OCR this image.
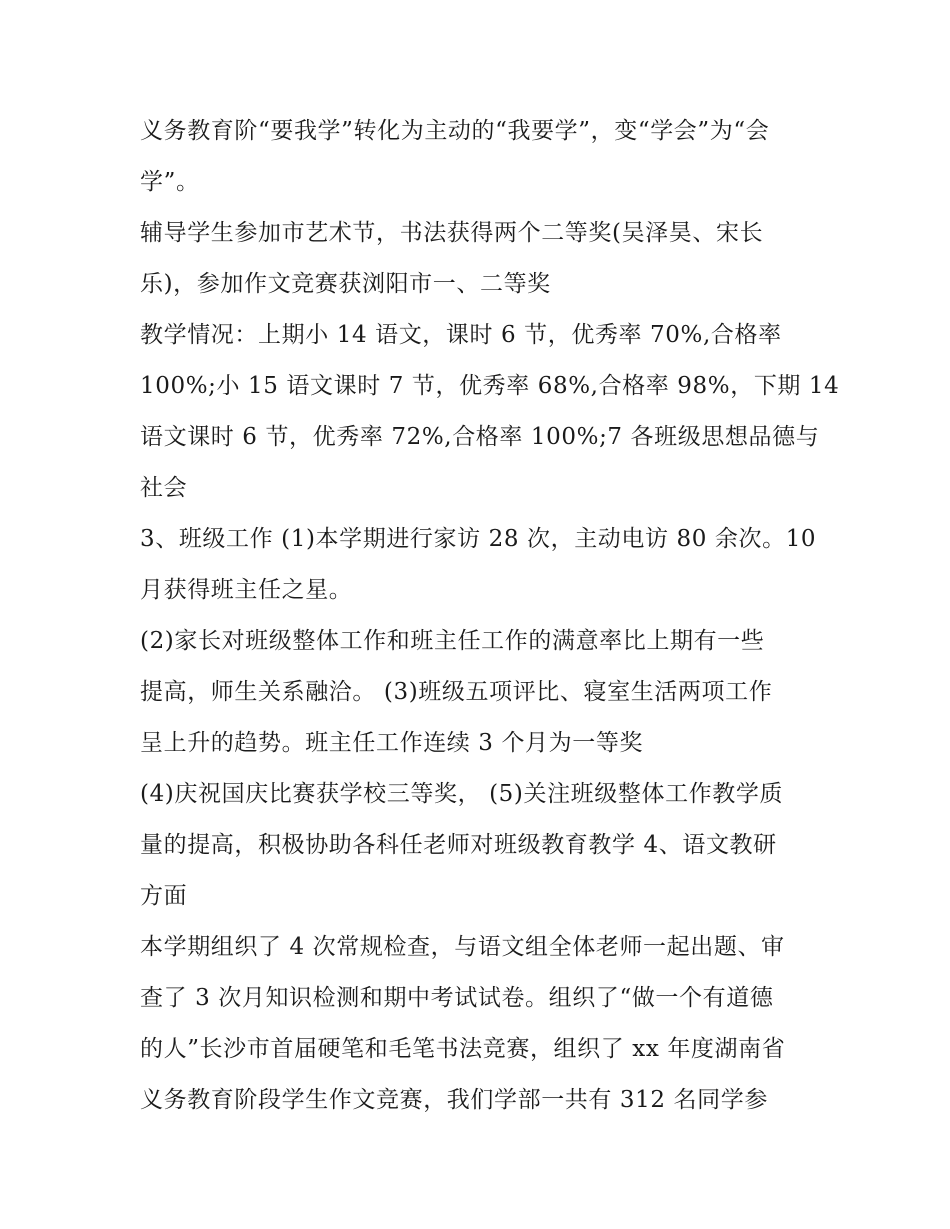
义务教育阶“要我学”转化为主动的“我要学”，变“学会”为“会
学”。
辅导学生参加市艺术节，书法获得两个二等奖(吴泽昊、宋长
乐)，参加作文竞赛获浏阳市一、二等奖
教学情况：上期小 14 语文，课时 6 节，优秀率 70%,合格率
100%;小 15 语文课时 7 节，优秀率 68%,合格率 98%，下期 14
语文课时 6 节，优秀率 72%,合格率 100%;7 各班级思想品德与
社会
3、班级工作 (1)本学期进行家访 28 次，主动电访 80 余次。10
月获得班主任之星。
(2)家长对班级整体工作和班主任工作的满意率比上期有一些
提高，师生关系融洽。 (3)班级五项评比、寝室生活两项工作
呈上升的趋势。班主任工作连续 3 个月为一等奖
(4)庆祝国庆比赛获学校三等奖， (5)关注班级整体工作教学质
量的提高，积极协助各科任老师对班级教育教学 4、语文教研
方面
本学期组织了 4 次常规检查，与语文组全体老师一起出题、审
查了 3 次月知识检测和期中考试试卷。组织了“做一个有道德
的人”长沙市首届硬笔和毛笔书法竞赛，组织了 xx 年度湖南省
义务教育阶段学生作文竞赛，我们学部一共有 312 名同学参
